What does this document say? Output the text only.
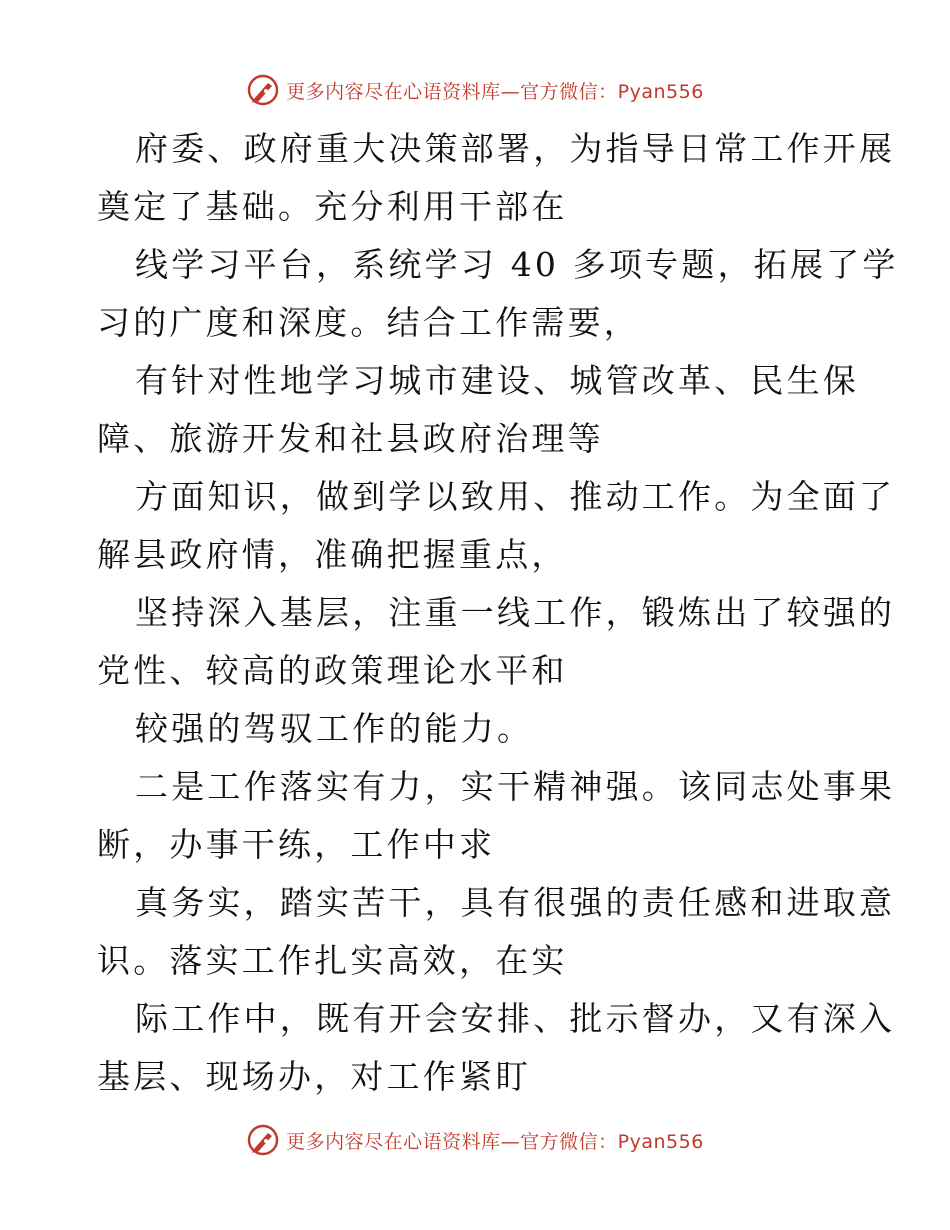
更多内容尽在心语资料库—官方微信：Pyan556
府委、政府重大决策部署，为指导日常工作开展
奠定了基础。充分利用干部在
线学习平台，系统学习 40 多项专题，拓展了学
习的广度和深度。结合工作需要，
有针对性地学习城市建设、城管改革、民生保
障、旅游开发和社县政府治理等
方面知识，做到学以致用、推动工作。为全面了
解县政府情，准确把握重点，
坚持深入基层，注重一线工作，锻炼出了较强的
党性、较高的政策理论水平和
较强的驾驭工作的能力。
二是工作落实有力，实干精神强。该同志处事果
断，办事干练，工作中求
真务实，踏实苦干，具有很强的责任感和进取意
识。落实工作扎实高效，在实
际工作中，既有开会安排、批示督办，又有深入
基层、现场办，对工作紧盯
更多内容尽在心语资料库—官方微信：Pyan556
